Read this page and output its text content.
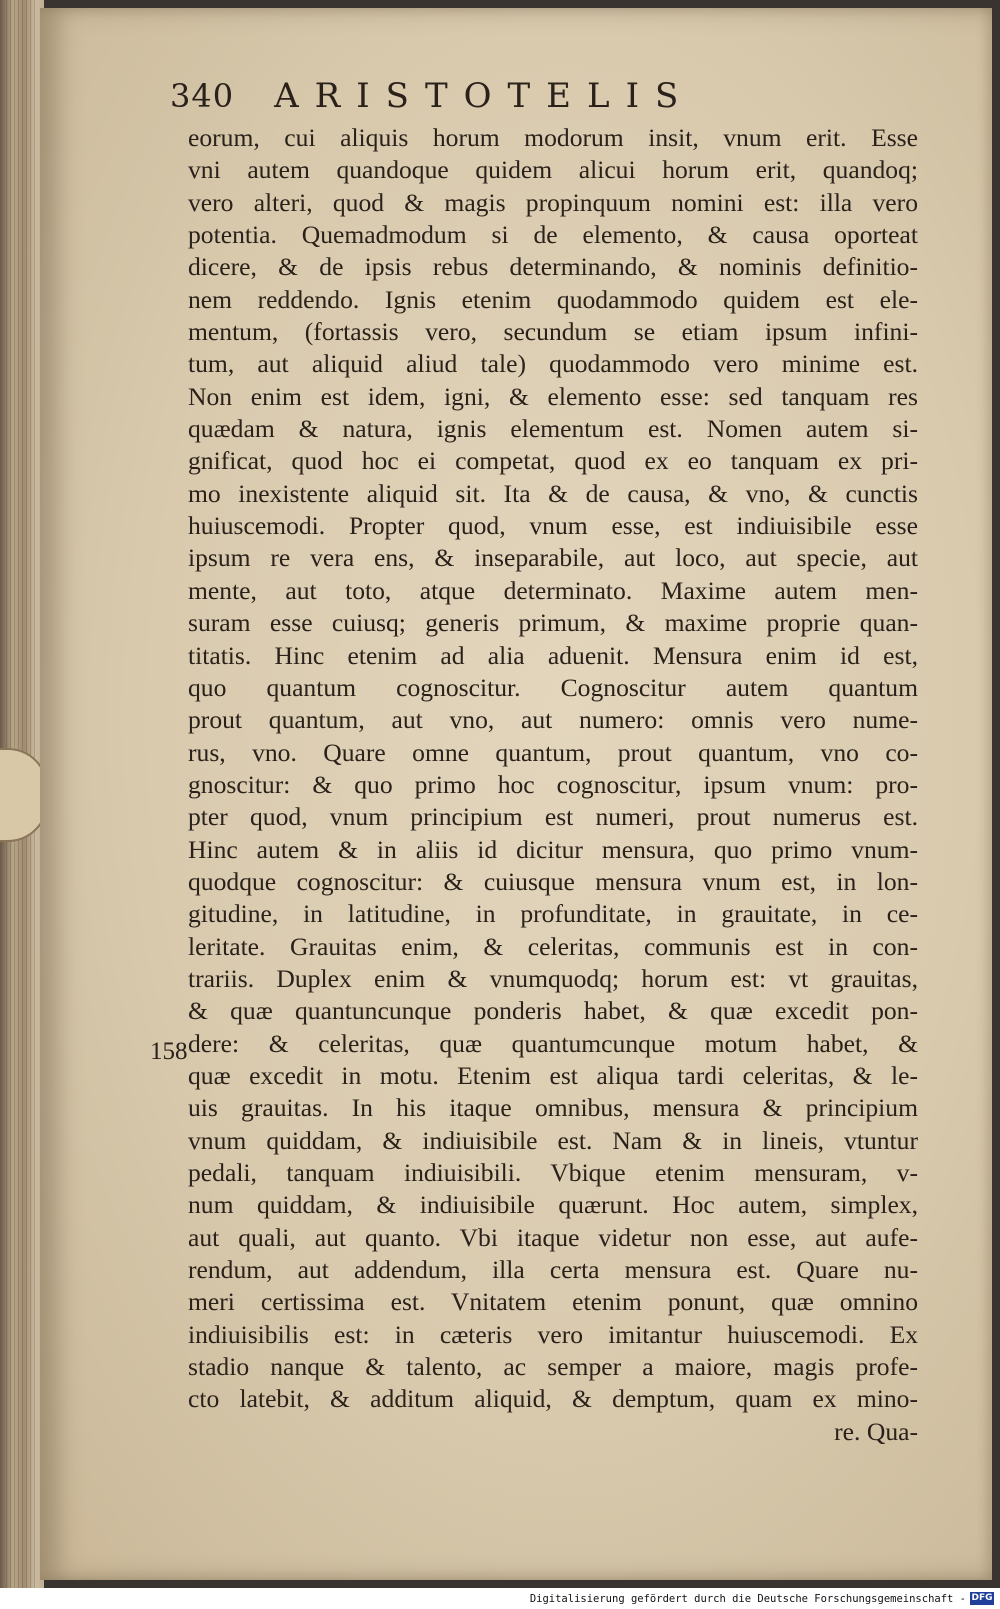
340 ARISTOTELIS
eorum, cui aliquis horum modorum insit, vnum erit. Esse
vni autem quandoque quidem alicui horum erit, quandoq;
vero alteri, quod & magis propinquum nomini est: illa vero
potentia. Quemadmodum si de elemento, & causa oporteat
dicere, & de ipsis rebus determinando, & nominis definitio-
nem reddendo. Ignis etenim quodammodo quidem est ele-
mentum, (fortassis vero, secundum se etiam ipsum infini-
tum, aut aliquid aliud tale) quodammodo vero minime est.
Non enim est idem, igni, & elemento esse: sed tanquam res
quædam & natura, ignis elementum est. Nomen autem si-
gnificat, quod hoc ei competat, quod ex eo tanquam ex pri-
mo inexistente aliquid sit. Ita & de causa, & vno, & cunctis
huiuscemodi. Propter quod, vnum esse, est indiuisibile esse
ipsum re vera ens, & inseparabile, aut loco, aut specie, aut
mente, aut toto, atque determinato. Maxime autem men-
suram esse cuiusq; generis primum, & maxime proprie quan-
titatis. Hinc etenim ad alia aduenit. Mensura enim id est,
quo quantum cognoscitur. Cognoscitur autem quantum
prout quantum, aut vno, aut numero: omnis vero nume-
rus, vno. Quare omne quantum, prout quantum, vno co-
gnoscitur: & quo primo hoc cognoscitur, ipsum vnum: pro-
pter quod, vnum principium est numeri, prout numerus est.
Hinc autem & in aliis id dicitur mensura, quo primo vnum-
quodque cognoscitur: & cuiusque mensura vnum est, in lon-
gitudine, in latitudine, in profunditate, in grauitate, in ce-
leritate. Grauitas enim, & celeritas, communis est in con-
trariis. Duplex enim & vnumquodq; horum est: vt grauitas,
& quæ quantuncunque ponderis habet, & quæ excedit pon-
dere: & celeritas, quæ quantumcunque motum habet, &
quæ excedit in motu. Etenim est aliqua tardi celeritas, & le-
uis grauitas. In his itaque omnibus, mensura & principium
vnum quiddam, & indiuisibile est. Nam & in lineis, vtuntur
pedali, tanquam indiuisibili. Vbique etenim mensuram, v-
num quiddam, & indiuisibile quærunt. Hoc autem, simplex,
aut quali, aut quanto. Vbi itaque videtur non esse, aut aufe-
rendum, aut addendum, illa certa mensura est. Quare nu-
meri certissima est. Vnitatem etenim ponunt, quæ omnino
indiuisibilis est: in cæteris vero imitantur huiuscemodi. Ex
stadio nanque & talento, ac semper a maiore, magis profe-
cto latebit, & additum aliquid, & demptum, quam ex mino-
re. Qua-
158
Digitalisierung gefördert durch die Deutsche Forschungsgemeinschaft - DFG
